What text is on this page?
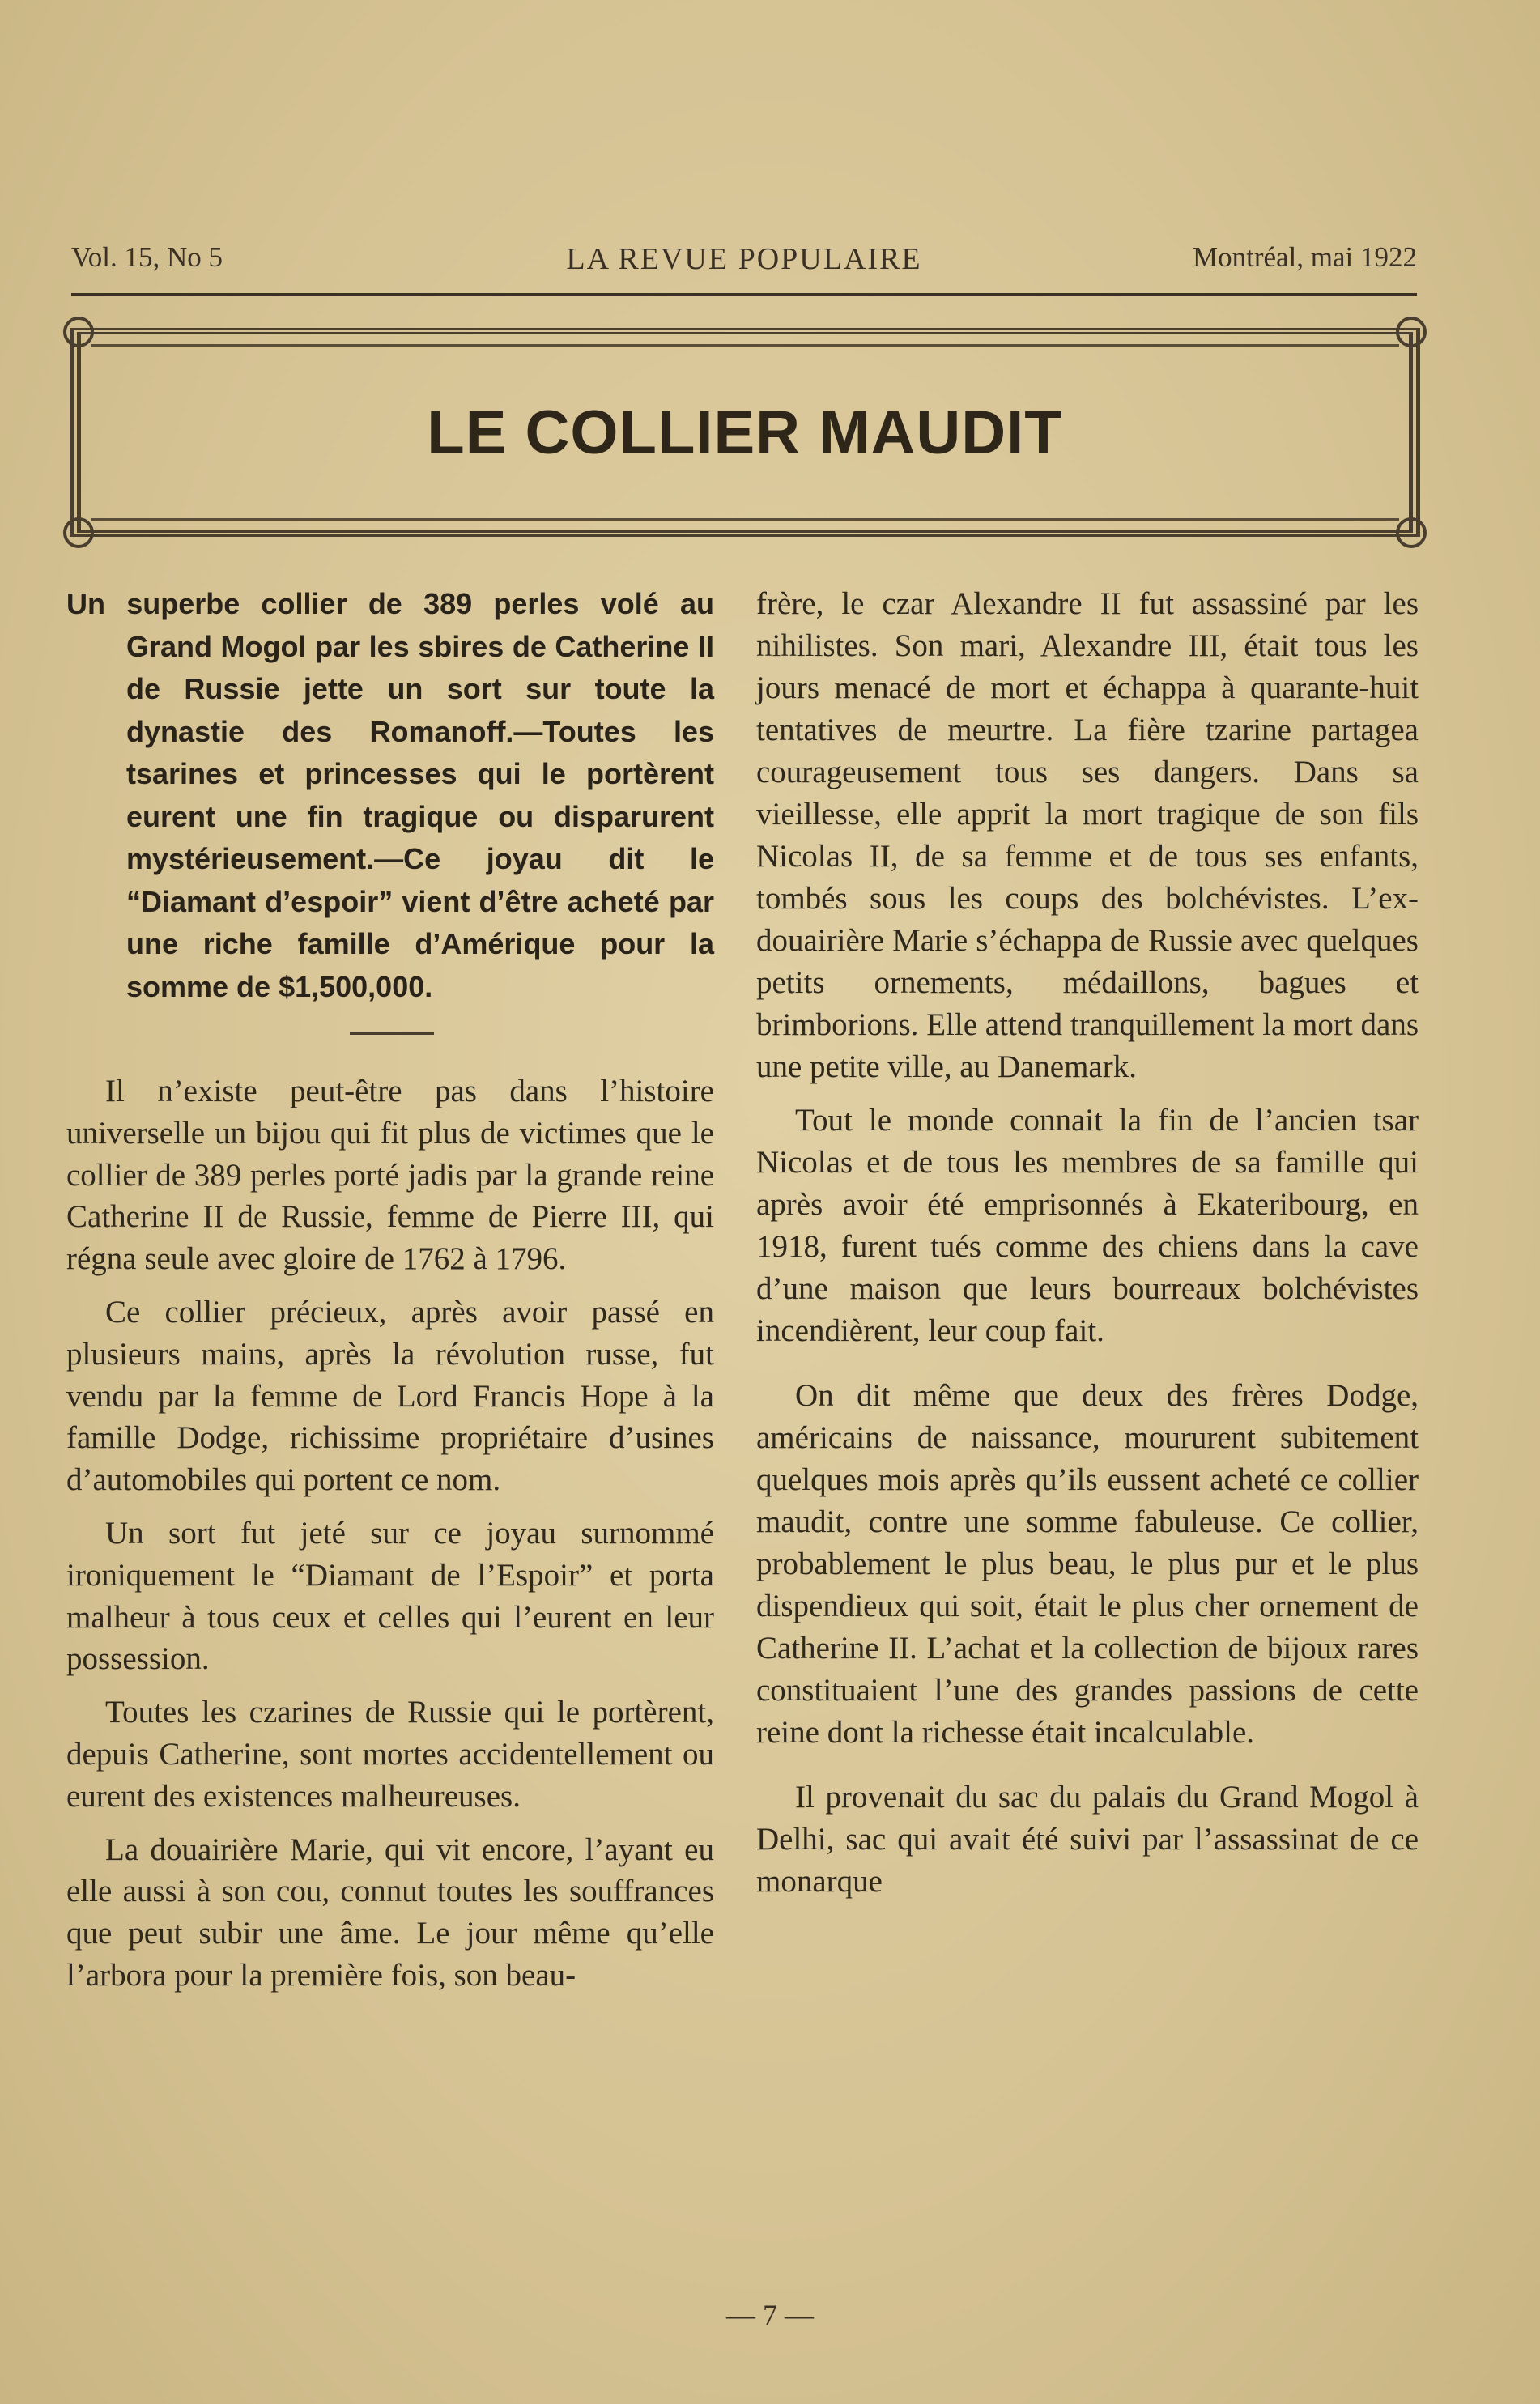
Vol. 15, No 5	LA REVUE POPULAIRE	Montréal, mai 1922
LE COLLIER MAUDIT

Un superbe collier de 389 perles volé au Grand Mogol par les sbires de Catherine II de Russie jette un sort sur toute la dynastie des Romanoff.—Toutes les tsarines et princesses qui le portèrent eurent une fin tragique ou disparurent mystérieusement.—Ce joyau dit le “Diamant d’espoir” vient d’être acheté par une riche famille d’Amérique pour la somme de $1,500,000.

Il n’existe peut-être pas dans l’histoire universelle un bijou qui fit plus de victimes que le collier de 389 perles porté jadis par la grande reine Catherine II de Russie, femme de Pierre III, qui régna seule avec gloire de 1762 à 1796.

Ce collier précieux, après avoir passé en plusieurs mains, après la révolution russe, fut vendu par la femme de Lord Francis Hope à la famille Dodge, richissime propriétaire d’usines d’automobiles qui portent ce nom.

Un sort fut jeté sur ce joyau surnommé ironiquement le “Diamant de l’Espoir” et porta malheur à tous ceux et celles qui l’eurent en leur possession.

Toutes les czarines de Russie qui le portèrent, depuis Catherine, sont mortes accidentellement ou eurent des existences malheureuses.

La douairière Marie, qui vit encore, l’ayant eu elle aussi à son cou, connut toutes les souffrances que peut subir une âme. Le jour même qu’elle l’arbora pour la première fois, son beau-

frère, le czar Alexandre II fut assassiné par les nihilistes. Son mari, Alexandre III, était tous les jours menacé de mort et échappa à quarante-huit tentatives de meurtre. La fière tzarine partagea courageusement tous ses dangers. Dans sa vieillesse, elle apprit la mort tragique de son fils Nicolas II, de sa femme et de tous ses enfants, tombés sous les coups des bolchévistes. L’ex-douairière Marie s’échappa de Russie avec quelques petits ornements, médaillons, bagues et brimborions. Elle attend tranquillement la mort dans une petite ville, au Danemark.

Tout le monde connait la fin de l’ancien tsar Nicolas et de tous les membres de sa famille qui après avoir été emprisonnés à Ekateribourg, en 1918, furent tués comme des chiens dans la cave d’une maison que leurs bourreaux bolchévistes incendièrent, leur coup fait.

On dit même que deux des frères Dodge, américains de naissance, moururent subitement quelques mois après qu’ils eussent acheté ce collier maudit, contre une somme fabuleuse. Ce collier, probablement le plus beau, le plus pur et le plus dispendieux qui soit, était le plus cher ornement de Catherine II. L’achat et la collection de bijoux rares constituaient l’une des grandes passions de cette reine dont la richesse était incalculable.

Il provenait du sac du palais du Grand Mogol à Delhi, sac qui avait été suivi par l’assassinat de ce monarque

— 7 —
